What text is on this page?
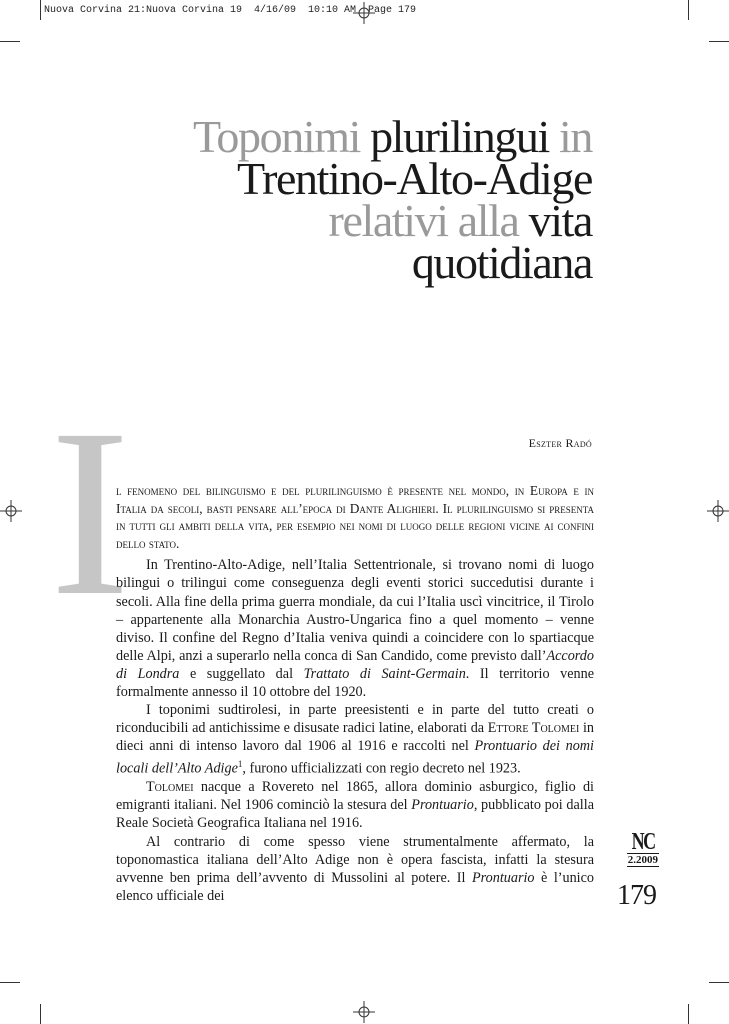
Nuova Corvina 21:Nuova Corvina 19  4/16/09  10:10 AM  Page 179
Toponimi plurilingui in
Trentino-Alto-Adige
relativi alla vita
quotidiana
I	Eszter Radó

l fenomeno del bilinguismo e del plurilinguismo è presente nel mondo, in Europa e in Italia da secoli, basti pensare all’epoca di Dante Alighieri. Il plurilinguismo si presenta in tutti gli ambiti della vita, per esempio nei nomi di luogo delle regioni vicine ai confini dello stato.

In Trentino-Alto-Adige, nell’Italia Settentrionale, si trovano nomi di luogo bilingui o trilingui come conseguenza degli eventi storici succedutisi durante i secoli. Alla fine della prima guerra mondiale, da cui l’Italia uscì vincitrice, il Tirolo – appartenente alla Monarchia Austro-Ungarica fino a quel momento – venne diviso. Il confine del Regno d’Italia veniva quindi a coincidere con lo spartiacque delle Alpi, anzi a superarlo nella conca di San Candido, come previsto dall’Accordo di Londra e suggellato dal Trattato di Saint-Germain. Il territorio venne formalmente annesso il 10 ottobre del 1920.

I toponimi sudtirolesi, in parte preesistenti e in parte del tutto creati o riconducibili ad antichissime e disusate radici latine, elaborati da Ettore Tolomei in dieci anni di intenso lavoro dal 1906 al 1916 e raccolti nel Prontuario dei nomi locali dell’Alto Adige$^1$, furono ufficializzati con regio decreto nel 1923.

Tolomei nacque a Rovereto nel 1865, allora dominio asburgico, figlio di emigranti italiani. Nel 1906 cominciò la stesura del Prontuario, pubblicato poi dalla Reale Società Geografica Italiana nel 1916.

Al contrario di come spesso viene strumentalmente affermato, la toponomastica italiana dell’Alto Adige non è opera fascista, infatti la stesura avvenne ben prima dell’avvento di Mussolini al potere. Il Prontuario è l’unico elenco ufficiale dei

NC
2.2009
179
